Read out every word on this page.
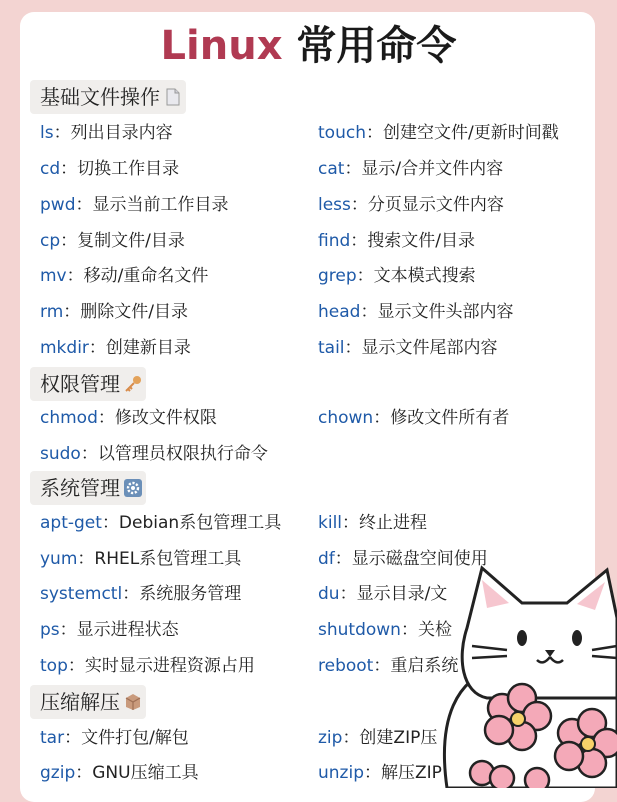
Linux 常用命令
基础文件操作
ls：列出目录内容
cd：切换工作目录
pwd：显示当前工作目录
cp：复制文件/目录
mv：移动/重命名文件
rm：删除文件/目录
mkdir：创建新目录
touch：创建空文件/更新时间戳
cat：显示/合并文件内容
less：分页显示文件内容
find：搜索文件/目录
grep：文本模式搜索
head：显示文件头部内容
tail：显示文件尾部内容
权限管理
chmod：修改文件权限
sudo：以管理员权限执行命令
chown：修改文件所有者
系统管理
apt-get：Debian系包管理工具
yum：RHEL系包管理工具
systemctl：系统服务管理
ps：显示进程状态
top：实时显示进程资源占用
kill：终止进程
df：显示磁盘空间使用
du：显示目录/文
shutdown：关检
reboot：重启系统
压缩解压
tar：文件打包/解包
gzip：GNU压缩工具
zip：创建ZIP压
unzip：解压ZIP
